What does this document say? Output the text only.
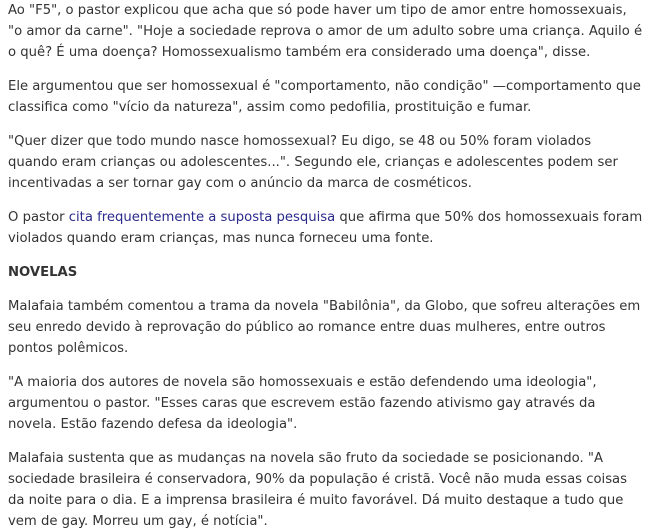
Ao "F5", o pastor explicou que acha que só pode haver um tipo de amor entre homossexuais, "o amor da carne". "Hoje a sociedade reprova o amor de um adulto sobre uma criança. Aquilo é o quê? É uma doença? Homossexualismo também era considerado uma doença", disse.

Ele argumentou que ser homossexual é "comportamento, não condição" —comportamento que classifica como "vício da natureza", assim como pedofilia, prostituição e fumar.

"Quer dizer que todo mundo nasce homossexual? Eu digo, se 48 ou 50% foram violados quando eram crianças ou adolescentes...". Segundo ele, crianças e adolescentes podem ser incentivadas a ser tornar gay com o anúncio da marca de cosméticos.

O pastor cita frequentemente a suposta pesquisa que afirma que 50% dos homossexuais foram violados quando eram crianças, mas nunca forneceu uma fonte.

NOVELAS

Malafaia também comentou a trama da novela "Babilônia", da Globo, que sofreu alterações em seu enredo devido à reprovação do público ao romance entre duas mulheres, entre outros pontos polêmicos.

"A maioria dos autores de novela são homossexuais e estão defendendo uma ideologia", argumentou o pastor. "Esses caras que escrevem estão fazendo ativismo gay através da novela. Estão fazendo defesa da ideologia".

Malafaia sustenta que as mudanças na novela são fruto da sociedade se posicionando. "A sociedade brasileira é conservadora, 90% da população é cristã. Você não muda essas coisas da noite para o dia. E a imprensa brasileira é muito favorável. Dá muito destaque a tudo que vem de gay. Morreu um gay, é notícia".
